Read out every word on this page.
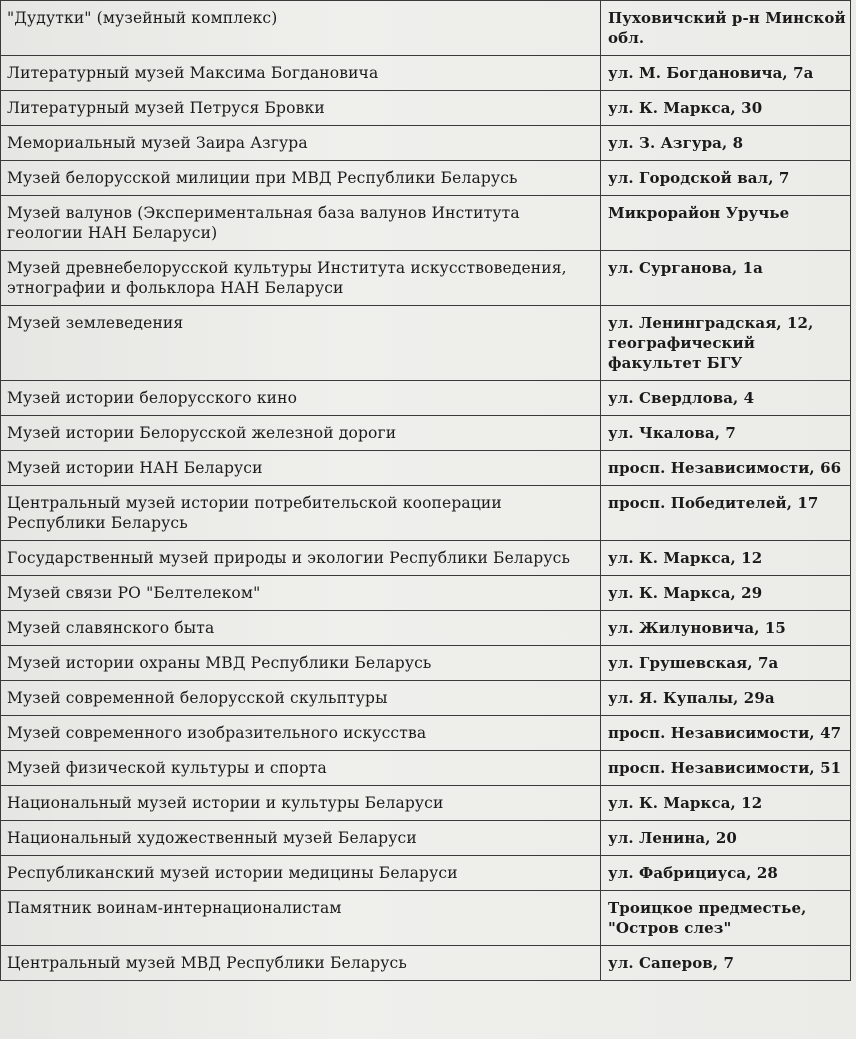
"Дудутки" (музейный комплекс)	Пуховичский р-н Минской обл.
Литературный музей Максима Богдановича	ул. М. Богдановича, 7а
Литературный музей Петруся Бровки	ул. К. Маркса, 30
Мемориальный музей Заира Азгура	ул. З. Азгура, 8
Музей белорусской милиции при МВД Республики Беларусь	ул. Городской вал, 7
Музей валунов (Экспериментальная база валунов Института геологии НАН Беларуси)	Микрорайон Уручье
Музей древнебелорусской культуры Института искусствоведения, этнографии и фольклора НАН Беларуси	ул. Сурганова, 1а
Музей землеведения	ул. Ленинградская, 12, географический факультет БГУ
Музей истории белорусского кино	ул. Свердлова, 4
Музей истории Белорусской железной дороги	ул. Чкалова, 7
Музей истории НАН Беларуси	просп. Независимости, 66
Центральный музей истории потребительской кооперации Республики Беларусь	просп. Победителей, 17
Государственный музей природы и экологии Республики Беларусь	ул. К. Маркса, 12
Музей связи РО "Белтелеком"	ул. К. Маркса, 29
Музей славянского быта	ул. Жилуновича, 15
Музей истории охраны МВД Республики Беларусь	ул. Грушевская, 7а
Музей современной белорусской скульптуры	ул. Я. Купалы, 29а
Музей современного изобразительного искусства	просп. Независимости, 47
Музей физической культуры и спорта	просп. Независимости, 51
Национальный музей истории и культуры Беларуси	ул. К. Маркса, 12
Национальный художественный музей Беларуси	ул. Ленина, 20
Республиканский музей истории медицины Беларуси	ул. Фабрициуса, 28
Памятник воинам-интернационалистам	Троицкое предместье, "Остров слез"
Центральный музей МВД Республики Беларусь	ул. Саперов, 7
